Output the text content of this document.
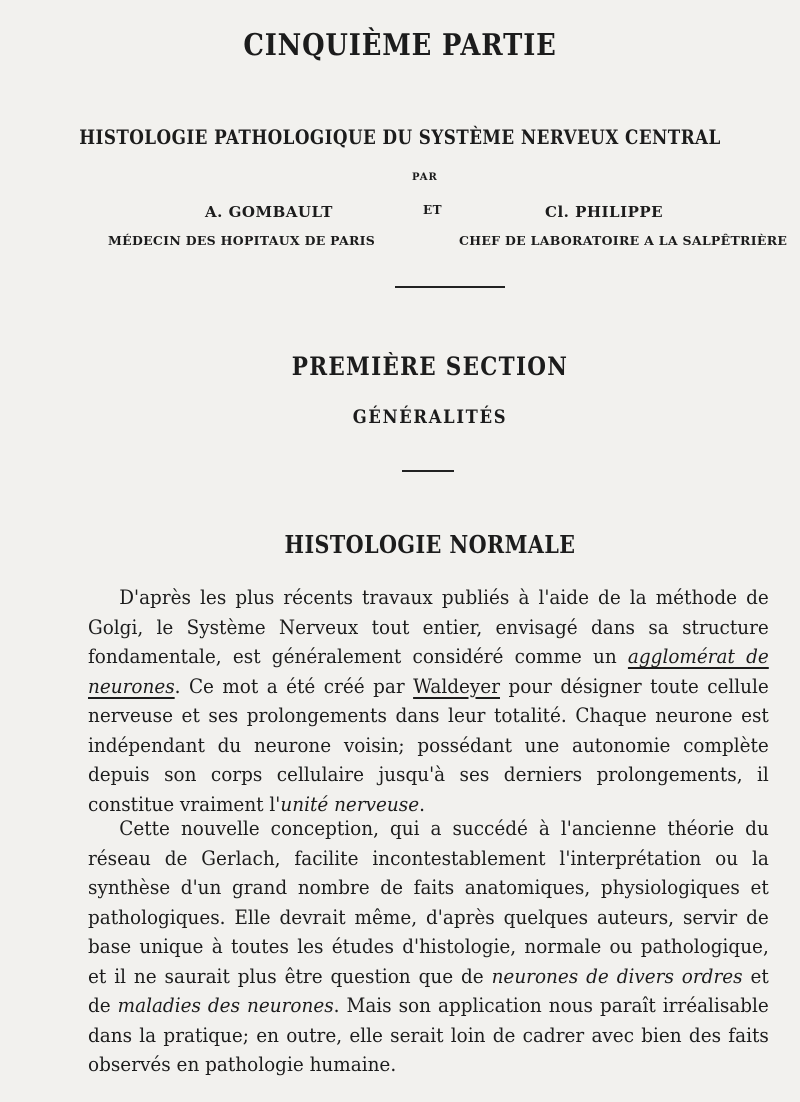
CINQUIÈME PARTIE
HISTOLOGIE PATHOLOGIQUE DU SYSTÈME NERVEUX CENTRAL
PAR
A. GOMBAULT	ET	Cl. PHILIPPE
MÉDECIN DES HOPITAUX DE PARIS	CHEF DE LABORATOIRE A LA SALPÊTRIÈRE
PREMIÈRE SECTION
GÉNÉRALITÉS
HISTOLOGIE NORMALE
D'après les plus récents travaux publiés à l'aide de la méthode de Golgi, le Système Nerveux tout entier, envisagé dans sa structure fondamentale, est généralement considéré comme un agglomérat de neurones. Ce mot a été créé par Waldeyer pour désigner toute cellule nerveuse et ses prolongements dans leur totalité. Chaque neurone est indépendant du neurone voisin; possédant une autonomie complète depuis son corps cellulaire jusqu'à ses derniers prolongements, il constitue vraiment l'unité nerveuse.
Cette nouvelle conception, qui a succédé à l'ancienne théorie du réseau de Gerlach, facilite incontestablement l'interprétation ou la synthèse d'un grand nombre de faits anatomiques, physiologiques et pathologiques. Elle devrait même, d'après quelques auteurs, servir de base unique à toutes les études d'histologie, normale ou pathologique, et il ne saurait plus être question que de neurones de divers ordres et de maladies des neurones. Mais son application nous paraît irréalisable dans la pratique; en outre, elle serait loin de cadrer avec bien des faits observés en pathologie humaine.
